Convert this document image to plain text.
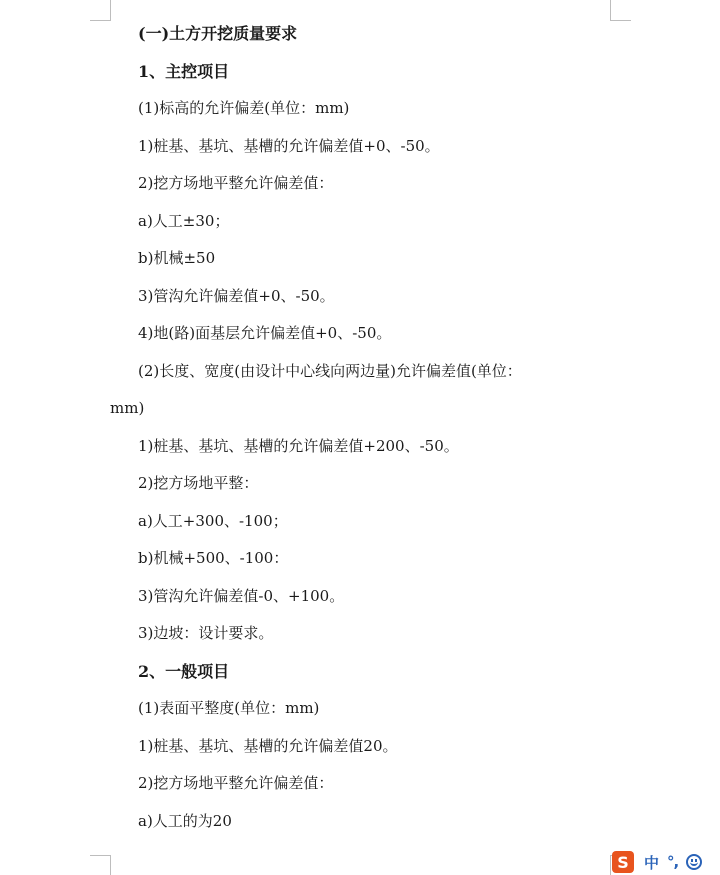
(一)土方开挖质量要求
1、主控项目
(1)标高的允许偏差(单位：mm)
1)桩基、基坑、基槽的允许偏差值+0、-50。
2)挖方场地平整允许偏差值：
a)人工±30；
b)机械±50
3)管沟允许偏差值+0、-50。
4)地(路)面基层允许偏差值+0、-50。
(2)长度、宽度(由设计中心线向两边量)允许偏差值(单位：
mm)
1)桩基、基坑、基槽的允许偏差值+200、-50。
2)挖方场地平整：
a)人工+300、-100；
b)机械+500、-100：
3)管沟允许偏差值-0、+100。
3)边坡：设计要求。
2、一般项目
(1)表面平整度(单位：mm)
1)桩基、基坑、基槽的允许偏差值20。
2)挖方场地平整允许偏差值：
a)人工的为20
S	中 °,
